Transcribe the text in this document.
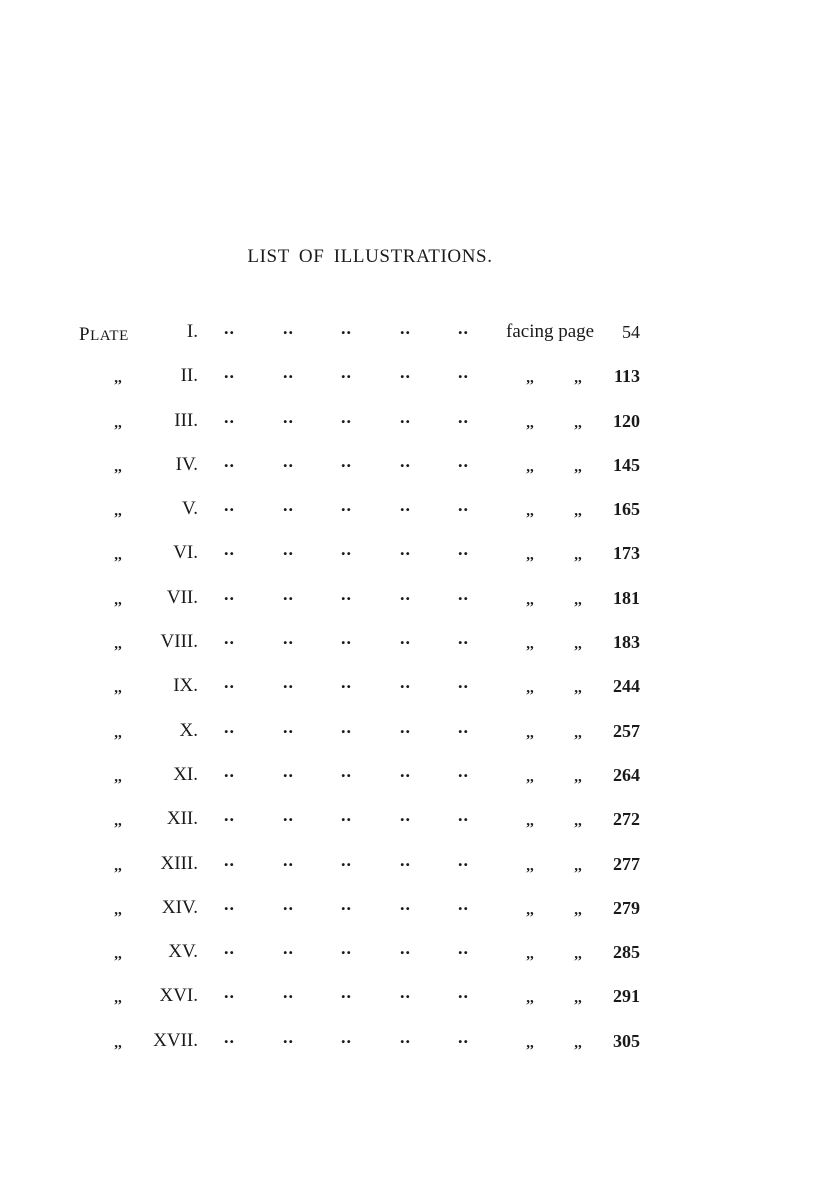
LIST OF ILLUSTRATIONS.
PLATE	I. ..	..	..	..	.. facing page 54
,,	II. ..	..	..	..	..	,,	,,	113
,,	III. ..	..	..	..	..	,,	,,	120
,,	IV. ..	..	..	..	..	,,	,,	145
,,	V. ..	..	..	..	..	,,	,,	165
,,	VI. ..	..	..	..	..	,,	,,	173
,,	VII. ..	..	..	..	..	,,	,,	181
,,	VIII. ..	..	..	..	..	,,	,,	183
,,	IX. ..	..	..	..	..	,,	,,	244
,,	X. ..	..	..	..	..	,,	,,	257
,,	XI. ..	..	..	..	..	,,	,,	264
,,	XII. ..	..	..	..	..	,,	,,	272
,,	XIII. ..	..	..	..	..	,,	,,	277
,,	XIV. ..	..	..	..	..	,,	,,	279
,,	XV. ..	..	..	..	..	,,	,,	285
,,	XVI. ..	..	..	..	..	,,	,,	291
,,	XVII. ..	..	..	..	..	,,	,,	305
